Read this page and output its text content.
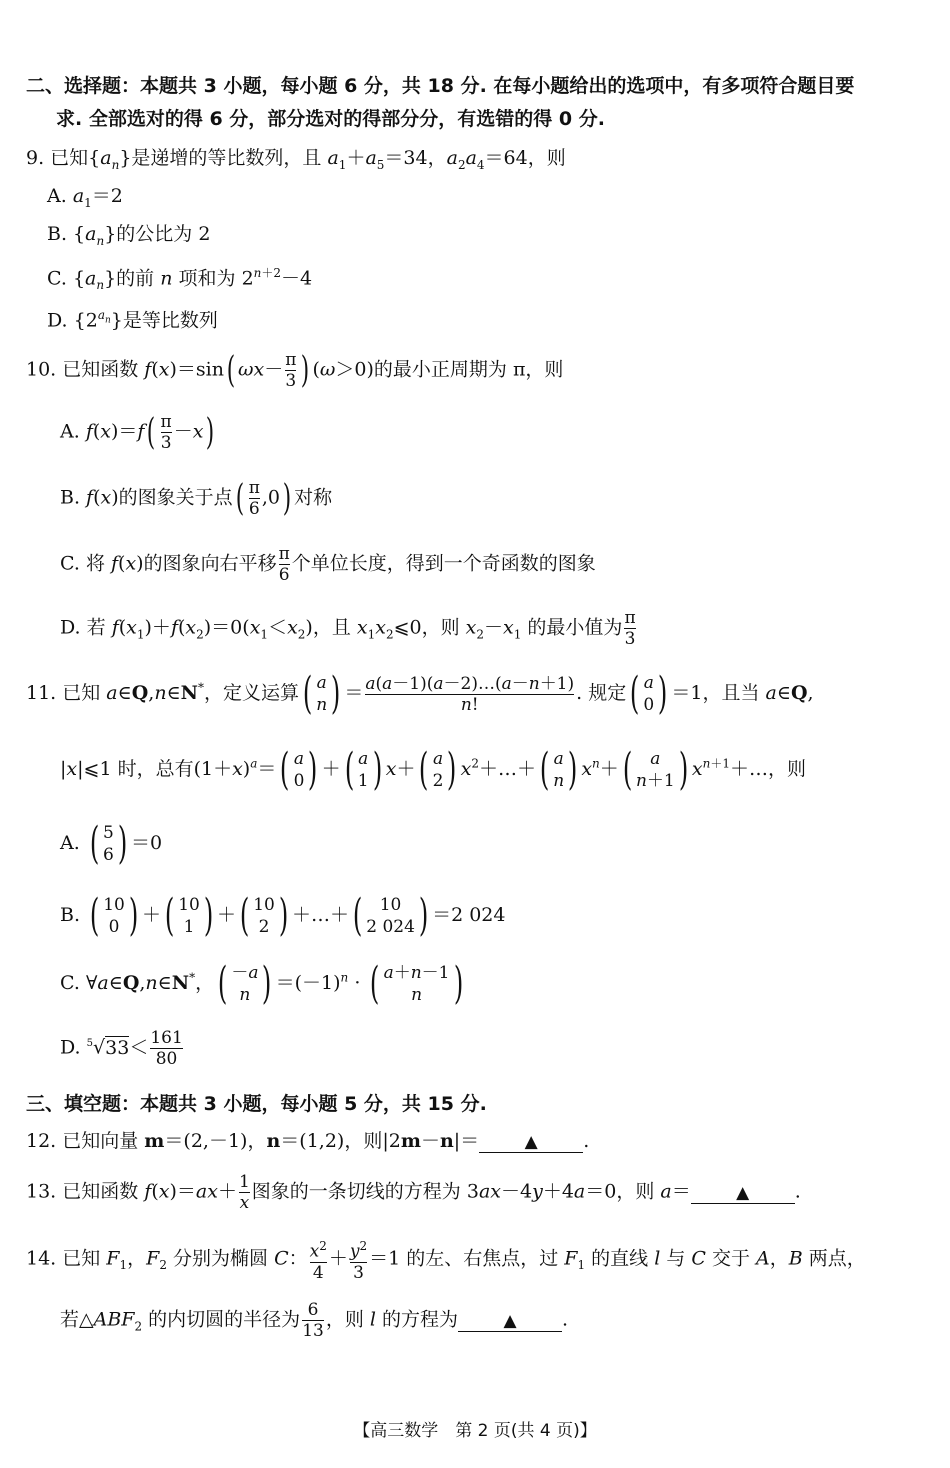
二、选择题：本题共 3 小题，每小题 6 分，共 18 分. 在每小题给出的选项中，有多项符合题目要
求. 全部选对的得 6 分，部分选对的得部分分，有选错的得 0 分.
9. 已知$\{a_n\}$是递增的等比数列，且 $a_1+a_5=34$，$a_2a_4=64$，则
A. $a_1=2$
B. $\{a_n\}$的公比为 2
C. $\{a_n\}$的前 n 项和为 $2^{n+2}-4$
D. $\{2^{a_n}\}$是等比数列
10. 已知函数 f(x)＝sin( $\omega x- \frac{\pi}{3}$ ) (ω＞0)的最小正周期为 π，则
A. $f(x)=f( \frac{\pi}{3} -x)$
B. f(x)的图象关于点( $\frac{\pi}{6} ,0$) 对称
C. 将 f(x)的图象向右平移 $\frac{\pi}{6}$ 个单位长度，得到一个奇函数的图象
D. 若 $f(x_1)+f(x_2)=0(x_1<x_2)$，且 $x_1x_2⩽0$，则 $x_2-x_1$ 的最小值为 $\frac{\pi}{3}$
11. 已知 a∈Q,n∈N*，定义运算 ( a
n ) ＝ $\frac{a(a-1)(a-2)\dots(a-n+1)}{n!}$ . 规定 ( a
0 ) ＝1，且当 a∈Q,
|x|⩽1 时，总有$(1+x)^a=$ ( a
0 ) ＋ ( a
1 ) x＋ ( a
2 ) $x^2+\dots+$ ( a
n ) $x^n+$ (	a
n＋1 ) $x^{n+1}+\dots$，则
A. ( 5
6 ) ＝0
B. ( 10
0 ) ＋ ( 10
1 ) ＋ ( 10
2 ) ＋…＋ (	10
2 024 ) ＝2 024
C. ∀a∈Q,n∈N*， ( －a
n ) $=(-1)^n$ · ( a＋n－1
n )
D. $^5√33< \frac{161}{80}$
三、填空题：本题共 3 小题，每小题 5 分，共 15 分.
12. 已知向量 m＝(2,－1)，n＝(1,2)，则|2m－n|＝	▲ .
13. 已知函数 $f(x)=ax+ \frac{1}{x}$ 图象的一条切线的方程为 3ax－4y＋4a＝0，则 a＝	▲ .
14. 已知 $F_1$，$F_2$ 分别为椭圆 C： $\frac{x^2}{4} + \frac{y^2}{3} =1$ 的左、右焦点，过 $F_1$ 的直线 l 与 C 交于 A，B 两点，
若$\triangle ABF_2$ 的内切圆的半径为 $\frac{6}{13}$ ，则 l 的方程为	▲ .
【高三数学　第 2 页(共 4 页)】
